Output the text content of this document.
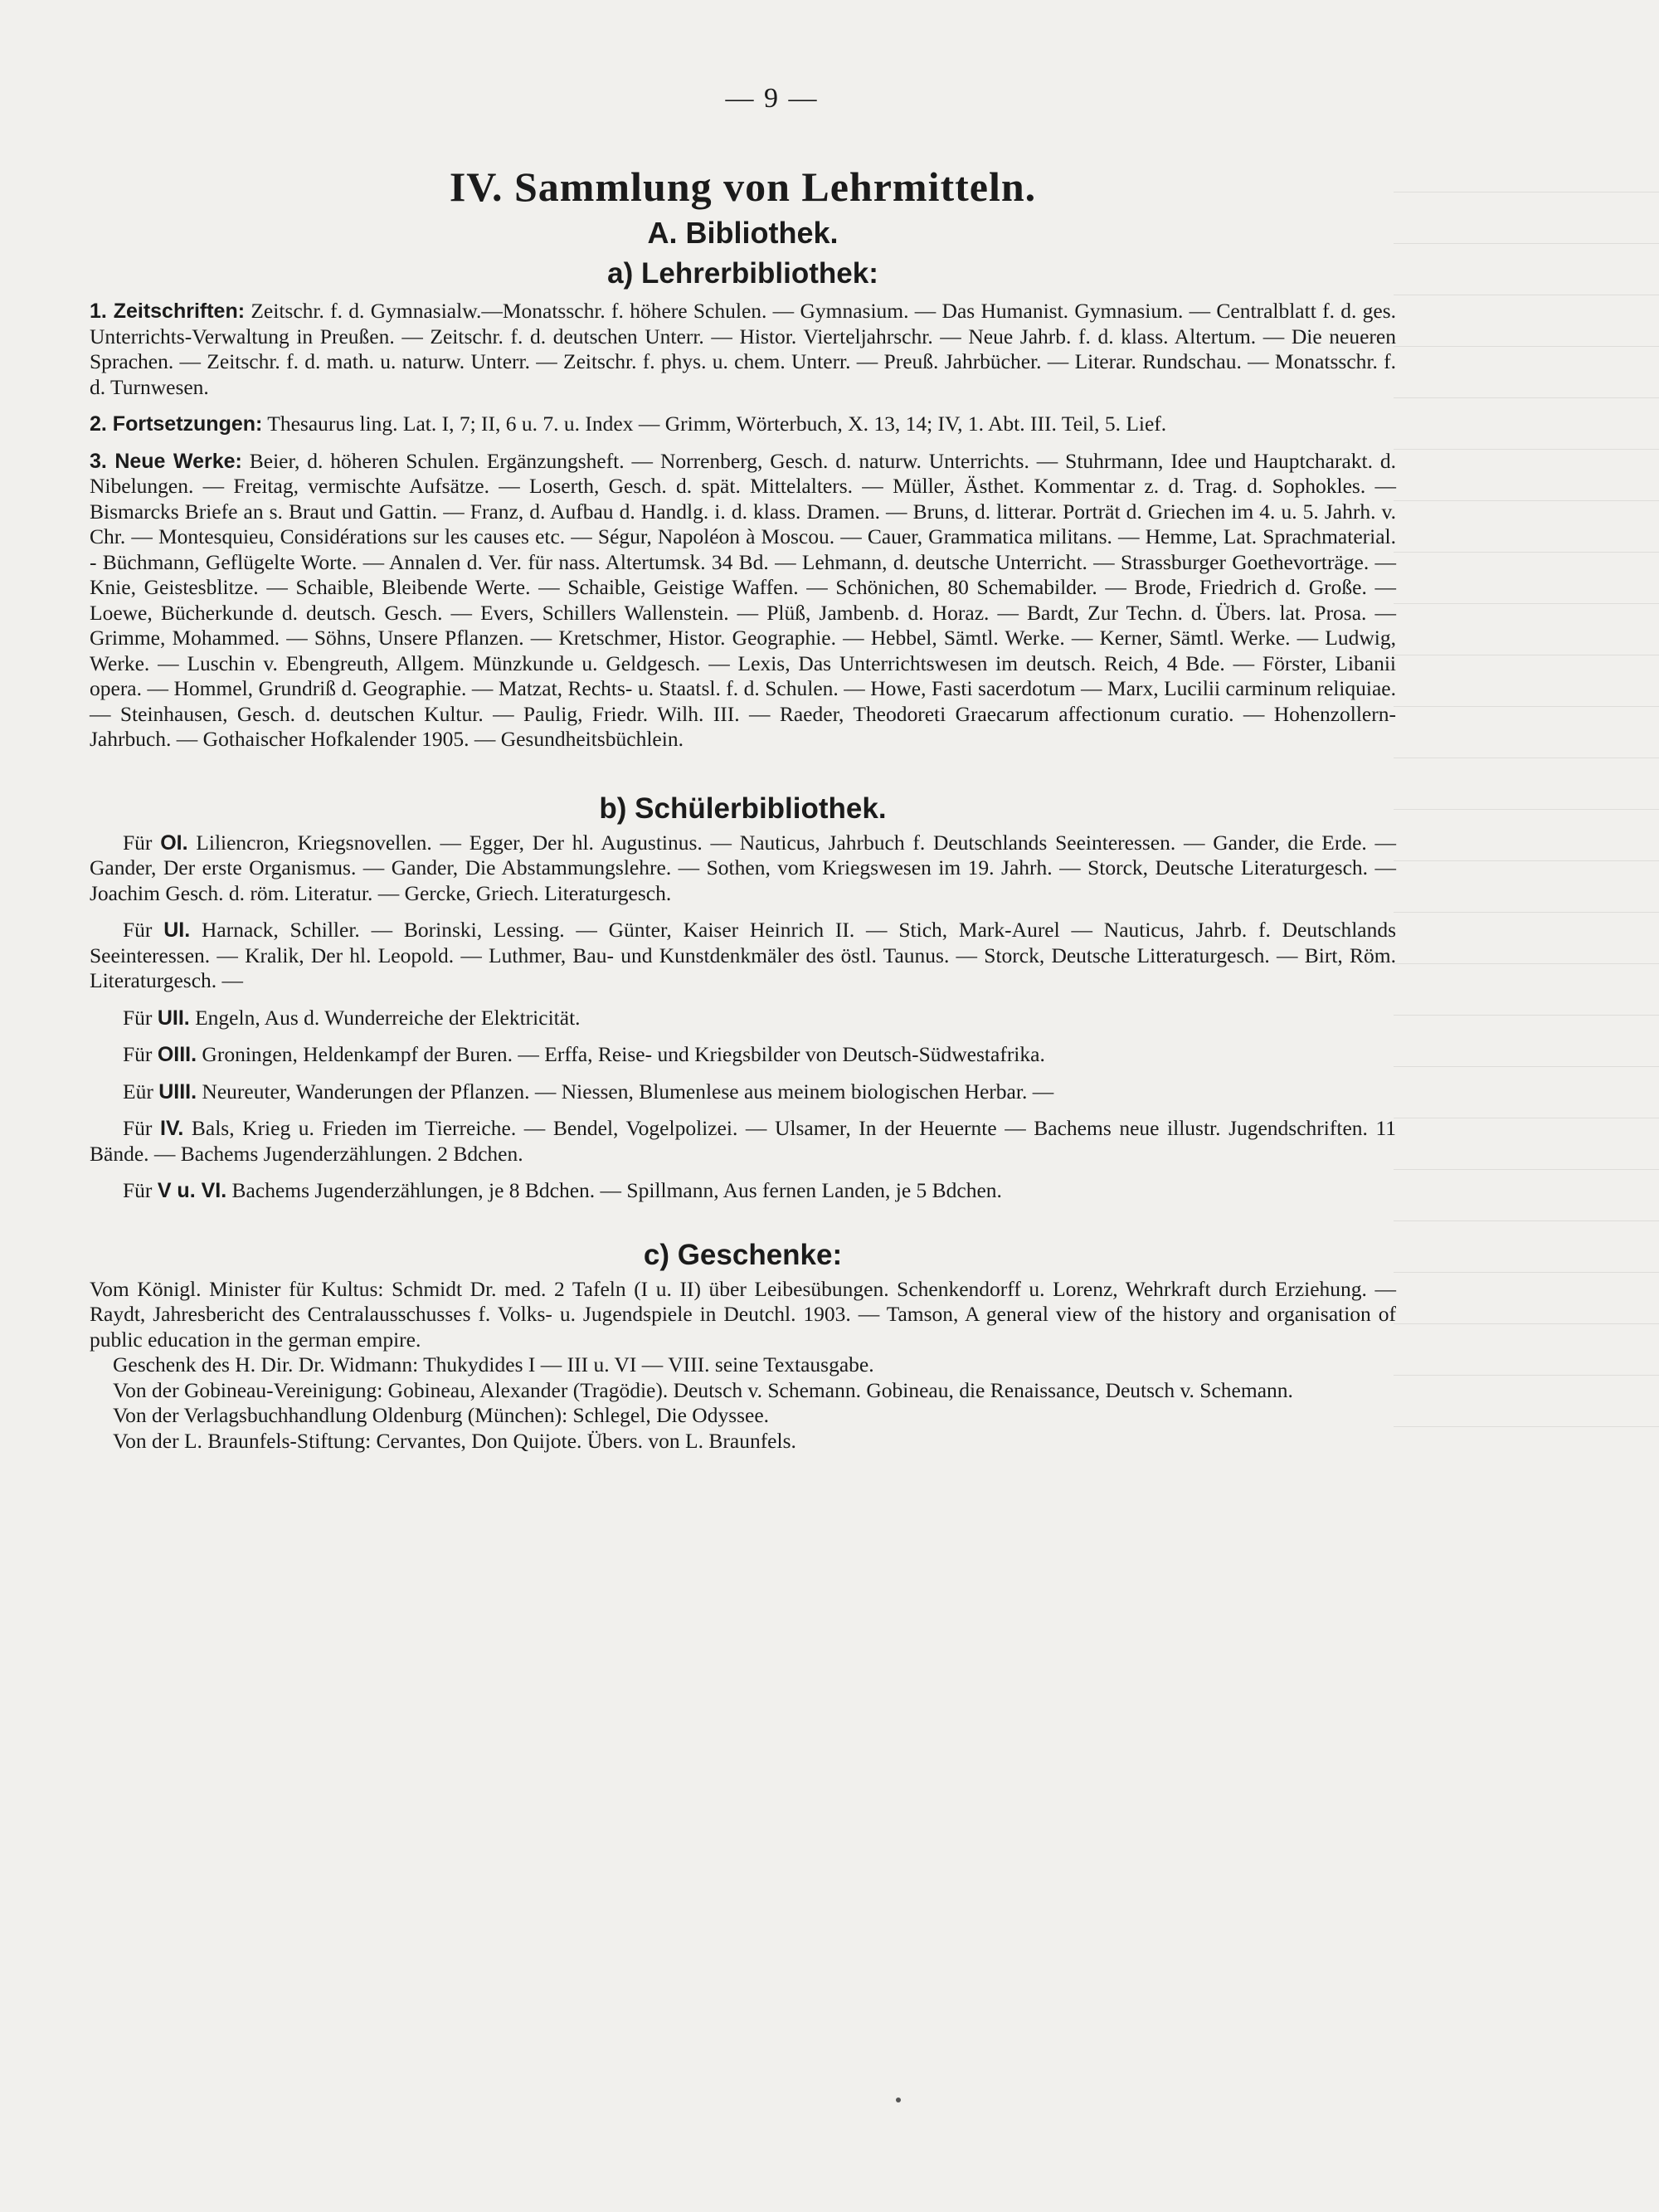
— 9 —
IV. Sammlung von Lehrmitteln.
A. Bibliothek.
a) Lehrerbibliothek:
1. Zeitschriften: Zeitschr. f. d. Gymnasialw.—Monatsschr. f. höhere Schulen. — Gymnasium. — Das Humanist. Gymnasium. — Centralblatt f. d. ges. Unterrichts-Verwaltung in Preußen. — Zeitschr. f. d. deutschen Unterr. — Histor. Vierteljahrschr. — Neue Jahrb. f. d. klass. Altertum. — Die neueren Sprachen. — Zeitschr. f. d. math. u. naturw. Unterr. — Zeitschr. f. phys. u. chem. Unterr. — Preuß. Jahrbücher. — Literar. Rundschau. — Monatsschr. f. d. Turnwesen.
2. Fortsetzungen: Thesaurus ling. Lat. I, 7; II, 6 u. 7. u. Index — Grimm, Wörterbuch, X. 13, 14; IV, 1. Abt. III. Teil, 5. Lief.
3. Neue Werke: Beier, d. höheren Schulen. Ergänzungsheft. — Norrenberg, Gesch. d. naturw. Unterrichts. — Stuhrmann, Idee und Hauptcharakt. d. Nibelungen. — Freitag, vermischte Aufsätze. — Loserth, Gesch. d. spät. Mittelalters. — Müller, Ästhet. Kommentar z. d. Trag. d. Sophokles. — Bismarcks Briefe an s. Braut und Gattin. — Franz, d. Aufbau d. Handlg. i. d. klass. Dramen. — Bruns, d. litterar. Porträt d. Griechen im 4. u. 5. Jahrh. v. Chr. — Montesquieu, Considérations sur les causes etc. — Ségur, Napoléon à Moscou. — Cauer, Grammatica militans. — Hemme, Lat. Sprachmaterial. - Büchmann, Geflügelte Worte. — Annalen d. Ver. für nass. Altertumsk. 34 Bd. — Lehmann, d. deutsche Unterricht. — Strassburger Goethevorträge. — Knie, Geistesblitze. — Schaible, Bleibende Werte. — Schaible, Geistige Waffen. — Schönichen, 80 Schemabilder. — Brode, Friedrich d. Große. — Loewe, Bücherkunde d. deutsch. Gesch. — Evers, Schillers Wallenstein. — Plüß, Jambenb. d. Horaz. — Bardt, Zur Techn. d. Übers. lat. Prosa. — Grimme, Mohammed. — Söhns, Unsere Pflanzen. — Kretschmer, Histor. Geographie. — Hebbel, Sämtl. Werke. — Kerner, Sämtl. Werke. — Ludwig, Werke. — Luschin v. Ebengreuth, Allgem. Münzkunde u. Geldgesch. — Lexis, Das Unterrichtswesen im deutsch. Reich, 4 Bde. — Förster, Libanii opera. — Hommel, Grundriß d. Geographie. — Matzat, Rechts- u. Staatsl. f. d. Schulen. — Howe, Fasti sacerdotum — Marx, Lucilii carminum reliquiae. — Steinhausen, Gesch. d. deutschen Kultur. — Paulig, Friedr. Wilh. III. — Raeder, Theodoreti Graecarum affectionum curatio. — Hohenzollern-Jahrbuch. — Gothaischer Hofkalender 1905. — Gesundheitsbüchlein.
b) Schülerbibliothek.
Für OI. Liliencron, Kriegsnovellen. — Egger, Der hl. Augustinus. — Nauticus, Jahrbuch f. Deutschlands Seeinteressen. — Gander, die Erde. — Gander, Der erste Organismus. — Gander, Die Abstammungslehre. — Sothen, vom Kriegswesen im 19. Jahrh. — Storck, Deutsche Literaturgesch. — Joachim Gesch. d. röm. Literatur. — Gercke, Griech. Literaturgesch.
Für UI. Harnack, Schiller. — Borinski, Lessing. — Günter, Kaiser Heinrich II. — Stich, Mark-Aurel — Nauticus, Jahrb. f. Deutschlands Seeinteressen. — Kralik, Der hl. Leopold. — Luthmer, Bau- und Kunstdenkmäler des östl. Taunus. — Storck, Deutsche Litteraturgesch. — Birt, Röm. Literaturgesch. —
Für UII. Engeln, Aus d. Wunderreiche der Elektricität.
Für OIII. Groningen, Heldenkampf der Buren. — Erffa, Reise- und Kriegsbilder von Deutsch-Südwestafrika.
Eür UIII. Neureuter, Wanderungen der Pflanzen. — Niessen, Blumenlese aus meinem biologischen Herbar. —
Für IV. Bals, Krieg u. Frieden im Tierreiche. — Bendel, Vogelpolizei. — Ulsamer, In der Heuernte — Bachems neue illustr. Jugendschriften. 11 Bände. — Bachems Jugenderzählungen. 2 Bdchen.
Für V u. VI. Bachems Jugenderzählungen, je 8 Bdchen. — Spillmann, Aus fernen Landen, je 5 Bdchen.
c) Geschenke:
Vom Königl. Minister für Kultus: Schmidt Dr. med. 2 Tafeln (I u. II) über Leibesübungen. Schenkendorff u. Lorenz, Wehrkraft durch Erziehung. — Raydt, Jahresbericht des Centralausschusses f. Volks- u. Jugendspiele in Deutchl. 1903. — Tamson, A general view of the history and organisation of public education in the german empire.
Geschenk des H. Dir. Dr. Widmann: Thukydides I — III u. VI — VIII. seine Textausgabe.
Von der Gobineau-Vereinigung: Gobineau, Alexander (Tragödie). Deutsch v. Schemann. Gobineau, die Renaissance, Deutsch v. Schemann.
Von der Verlagsbuchhandlung Oldenburg (München): Schlegel, Die Odyssee.
Von der L. Braunfels-Stiftung: Cervantes, Don Quijote. Übers. von L. Braunfels.
